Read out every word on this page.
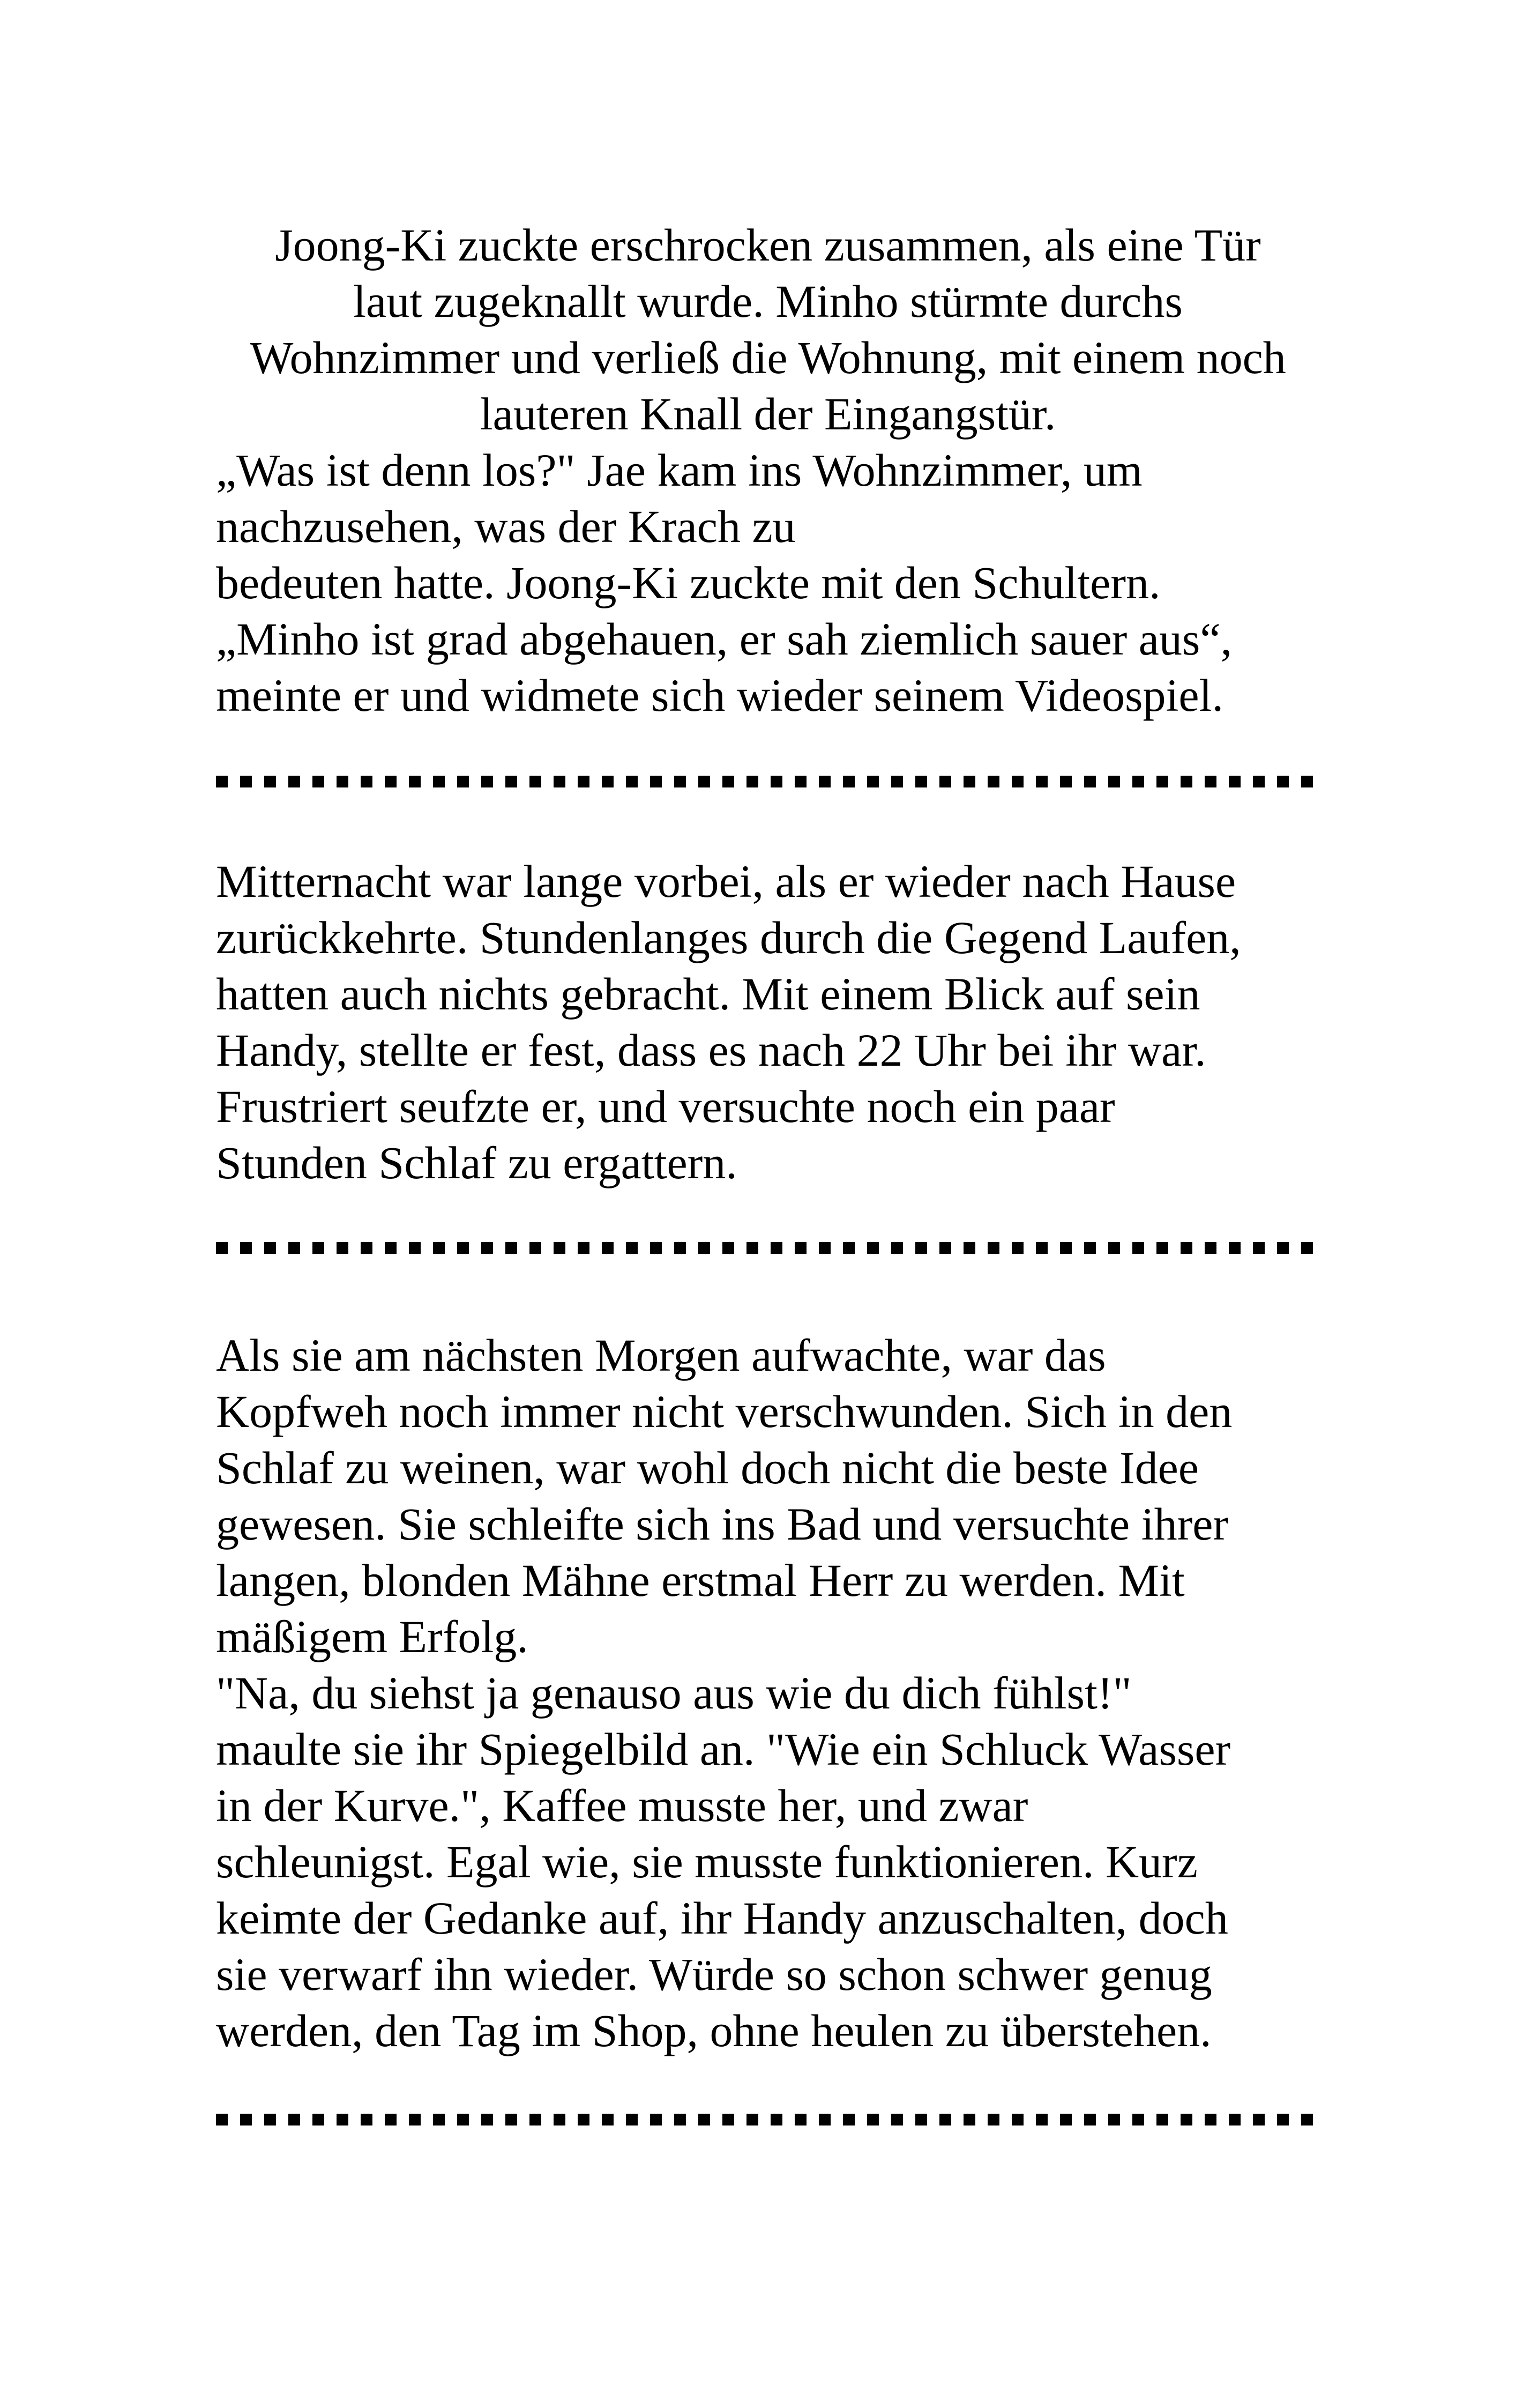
Joong-Ki zuckte erschrocken zusammen, als eine Tür
laut zugeknallt wurde. Minho stürmte durchs
Wohnzimmer und verließ die Wohnung, mit einem noch
lauteren Knall der Eingangstür.

„Was ist denn los?" Jae kam ins Wohnzimmer, um
nachzusehen, was der Krach zu
bedeuten hatte. Joong-Ki zuckte mit den Schultern.
„Minho ist grad abgehauen, er sah ziemlich sauer aus“,
meinte er und widmete sich wieder seinem Videospiel.

Mitternacht war lange vorbei, als er wieder nach Hause
zurückkehrte. Stundenlanges durch die Gegend Laufen,
hatten auch nichts gebracht. Mit einem Blick auf sein
Handy, stellte er fest, dass es nach 22 Uhr bei ihr war.
Frustriert seufzte er, und versuchte noch ein paar
Stunden Schlaf zu ergattern.

Als sie am nächsten Morgen aufwachte, war das
Kopfweh noch immer nicht verschwunden. Sich in den
Schlaf zu weinen, war wohl doch nicht die beste Idee
gewesen. Sie schleifte sich ins Bad und versuchte ihrer
langen, blonden Mähne erstmal Herr zu werden. Mit
mäßigem Erfolg.
"Na, du siehst ja genauso aus wie du dich fühlst!"
maulte sie ihr Spiegelbild an. "Wie ein Schluck Wasser
in der Kurve.", Kaffee musste her, und zwar
schleunigst. Egal wie, sie musste funktionieren. Kurz
keimte der Gedanke auf, ihr Handy anzuschalten, doch
sie verwarf ihn wieder. Würde so schon schwer genug
werden, den Tag im Shop, ohne heulen zu überstehen.
